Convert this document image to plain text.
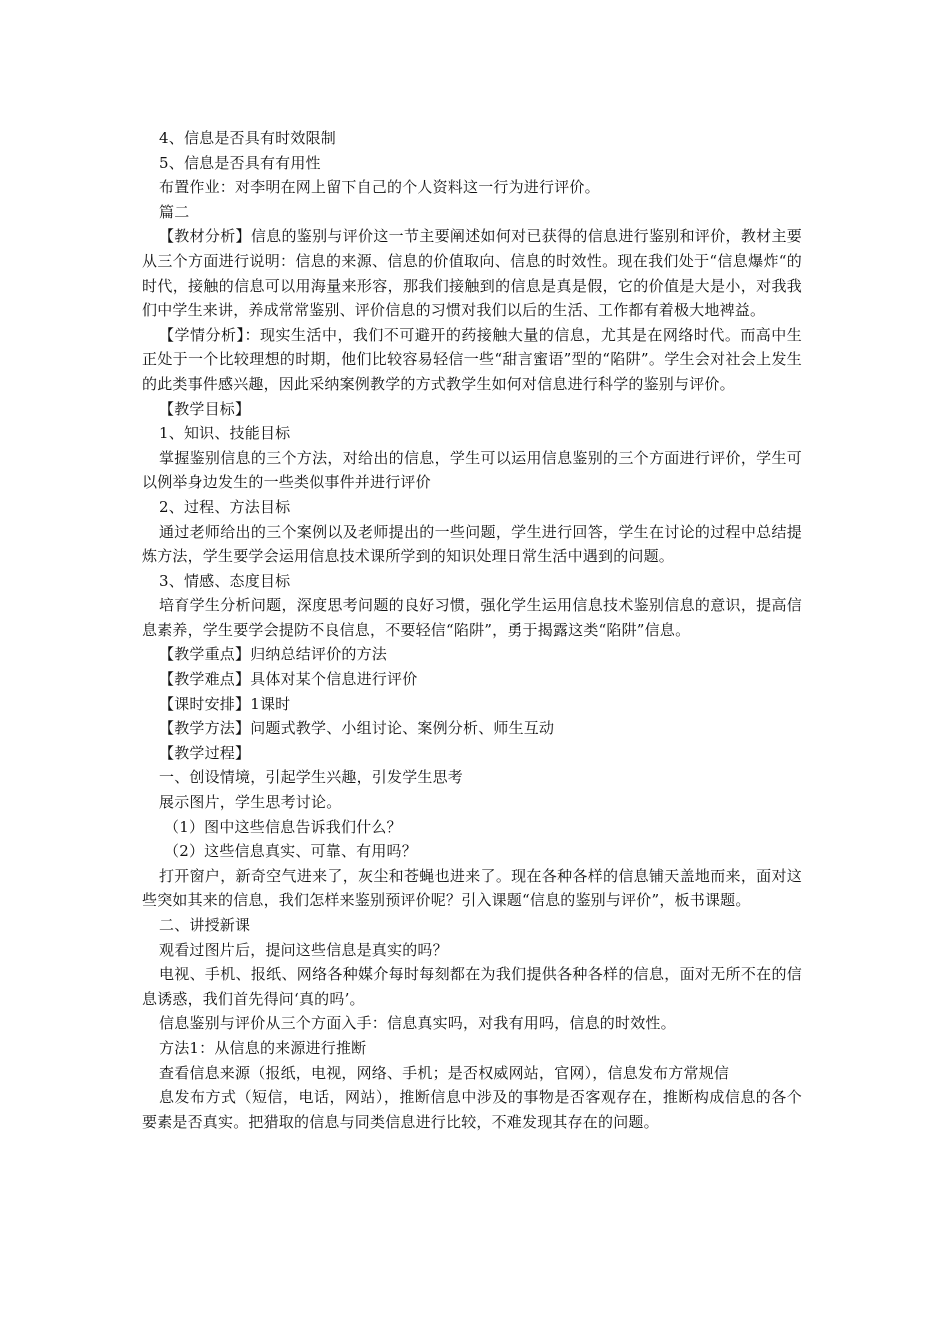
4、信息是否具有时效限制

5、信息是否具有有用性

布置作业：对李明在网上留下自己的个人资料这一行为进行评价。

篇二

【教材分析】信息的鉴别与评价这一节主要阐述如何对已获得的信息进行鉴别和评价，教材主要从三个方面进行说明：信息的来源、信息的价值取向、信息的时效性。现在我们处于“信息爆炸“的时代，接触的信息可以用海量来形容，那我们接触到的信息是真是假，它的价值是大是小，对我我们中学生来讲，养成常常鉴别、评价信息的习惯对我们以后的生活、工作都有着极大地裨益。

【学情分析】：现实生活中，我们不可避开的药接触大量的信息，尤其是在网络时代。而高中生正处于一个比较理想的时期，他们比较容易轻信一些“甜言蜜语”型的“陷阱”。学生会对社会上发生的此类事件感兴趣，因此采纳案例教学的方式教学生如何对信息进行科学的鉴别与评价。

【教学目标】

1、知识、技能目标

掌握鉴别信息的三个方法，对给出的信息，学生可以运用信息鉴别的三个方面进行评价，学生可以例举身边发生的一些类似事件并进行评价

2、过程、方法目标

通过老师给出的三个案例以及老师提出的一些问题，学生进行回答，学生在讨论的过程中总结提炼方法，学生要学会运用信息技术课所学到的知识处理日常生活中遇到的问题。

3、情感、态度目标

培育学生分析问题，深度思考问题的良好习惯，强化学生运用信息技术鉴别信息的意识，提高信息素养，学生要学会提防不良信息，不要轻信“陷阱”，勇于揭露这类“陷阱”信息。

【教学重点】归纳总结评价的方法

【教学难点】具体对某个信息进行评价

【课时安排】1课时

【教学方法】问题式教学、小组讨论、案例分析、师生互动

【教学过程】

一、创设情境，引起学生兴趣，引发学生思考

展示图片，学生思考讨论。

（1）图中这些信息告诉我们什么？

（2）这些信息真实、可靠、有用吗？

打开窗户，新奇空气进来了，灰尘和苍蝇也进来了。现在各种各样的信息铺天盖地而来，面对这些突如其来的信息，我们怎样来鉴别预评价呢？引入课题“信息的鉴别与评价”，板书课题。

二、讲授新课

观看过图片后，提问这些信息是真实的吗？

电视、手机、报纸、网络各种媒介每时每刻都在为我们提供各种各样的信息，面对无所不在的信息诱惑，我们首先得问‘真的吗’。

信息鉴别与评价从三个方面入手：信息真实吗，对我有用吗，信息的时效性。

方法1：从信息的来源进行推断

查看信息来源（报纸，电视，网络、手机；是否权威网站，官网），信息发布方常规信

息发布方式（短信，电话，网站），推断信息中涉及的事物是否客观存在，推断构成信息的各个要素是否真实。把猎取的信息与同类信息进行比较，不难发现其存在的问题。
